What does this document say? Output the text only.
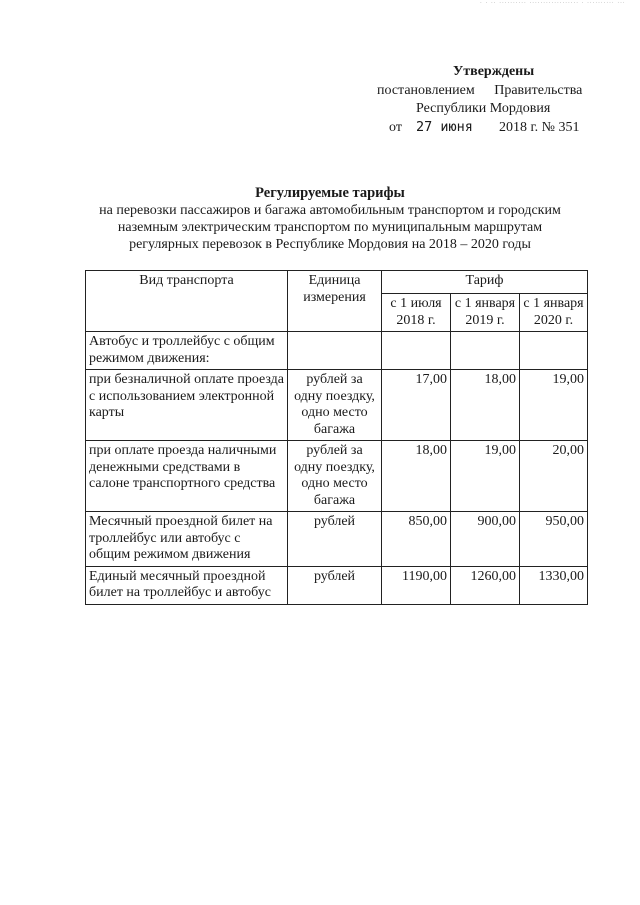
· · ·· ·········· ·················· · ·········· ···
Утверждены
постановлением Правительства
Республики Мордовия
от 27 июня 2018 г. № 351
Регулируемые тарифы
на перевозки пассажиров и багажа автомобильным транспортом и городским
наземным электрическим транспортом по муниципальным маршрутам
регулярных перевозок в Республике Мордовия на 2018 – 2020 годы
Вид транспорта	Единица измерения	Тариф		
		с 1 июля 2018 г.	с 1 января 2019 г.	с 1 января 2020 г.
Автобус и троллейбус с общим режимом движения:				
при безналичной оплате проезда с использованием электронной карты	рублей за одну поездку, одно место багажа	17,00	18,00	19,00
при оплате проезда наличными денежными средствами в салоне транспортного средства	рублей за одну поездку, одно место багажа	18,00	19,00	20,00
Месячный проездной билет на троллейбус или автобус с общим режимом движения	рублей	850,00	900,00	950,00
Единый месячный проездной билет на троллейбус и автобус	рублей	1190,00	1260,00	1330,00
